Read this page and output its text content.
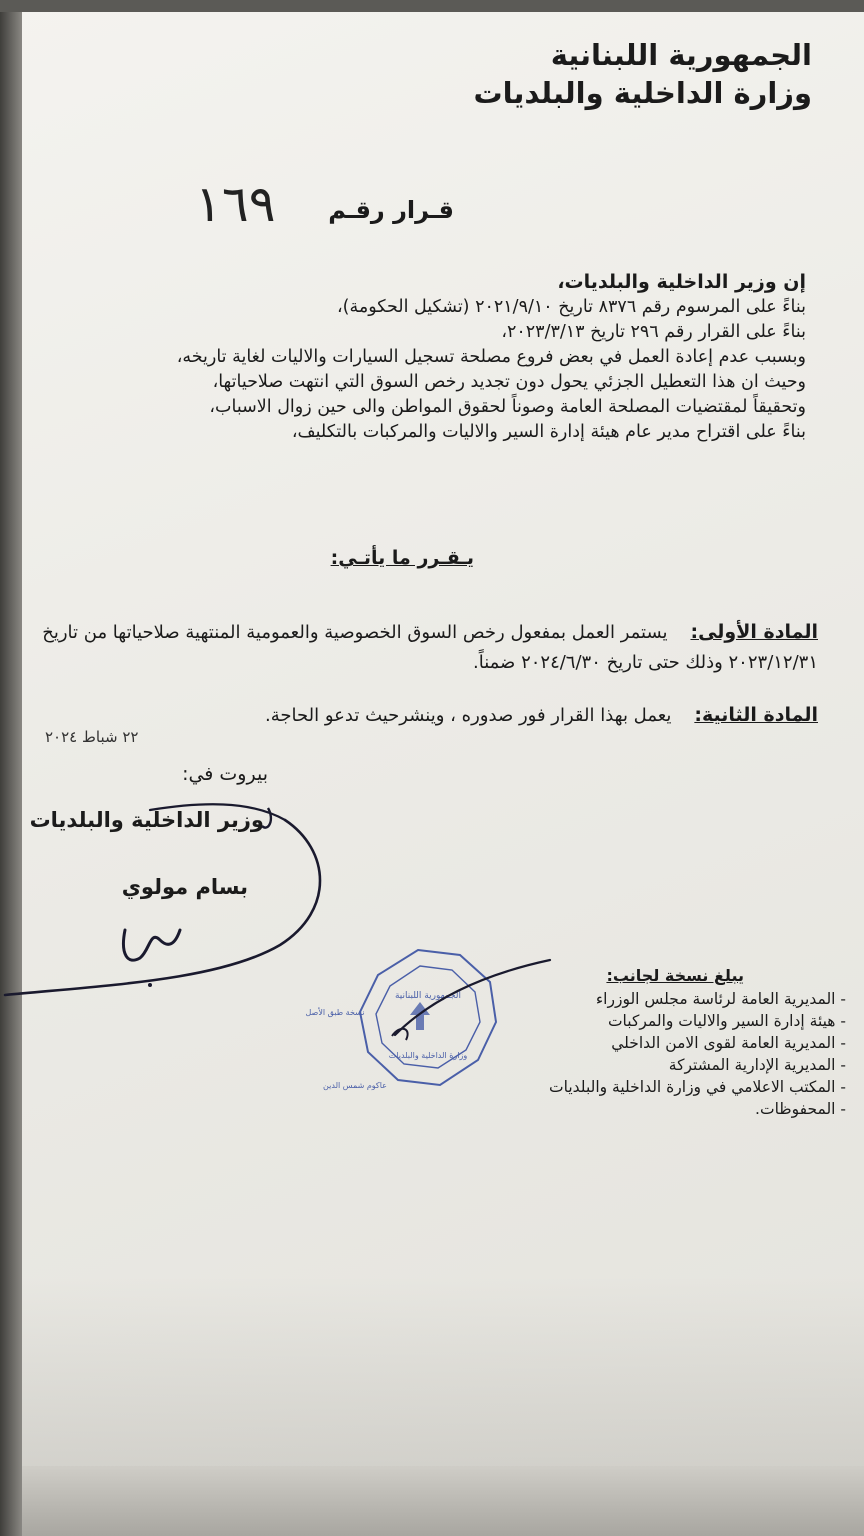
الجمهورية اللبنانية
وزارة الداخلية والبلديات
قـرار رقـم
١٦٩
إن وزير الداخلية والبلديات،
بناءً على المرسوم رقم ٨٣٧٦ تاريخ ٢٠٢١/٩/١٠ (تشكيل الحكومة)،
بناءً على القرار رقم ٢٩٦ تاريخ ٢٠٢٣/٣/١٣،
وبسبب عدم إعادة العمل في بعض فروع مصلحة تسجيل السيارات والاليات لغاية تاريخه،
وحيث ان هذا التعطيل الجزئي يحول دون تجديد رخص السوق التي انتهت صلاحياتها،
وتحقيقاً لمقتضيات المصلحة العامة وصوناً لحقوق المواطن والى حين زوال الاسباب،
بناءً على اقتراح مدير عام هيئة إدارة السير والاليات والمركبات بالتكليف،
يـقـرر ما يأتـي:
المادة الأولى:    يستمر العمل بمفعول رخص السوق الخصوصية والعمومية المنتهية صلاحياتها من تاريخ ٢٠٢٣/١٢/٣١ وذلك حتى تاريخ ٢٠٢٤/٦/٣٠ ضمناً.
المادة الثانية:    يعمل بهذا القرار فور صدوره ، وينشرحيث تدعو الحاجة.
٢٢ شباط ٢٠٢٤
بيروت في:
وزير الداخلية والبلديات
بسام مولوي
الجمهورية اللبنانية
وزارة الداخلية والبلديات
نسخة طبق الأصل
عاكوم شمس الدين
يبلغ نسخة لجانب:
- المديرية العامة لرئاسة مجلس الوزراء
- هيئة إدارة السير والاليات والمركبات
- المديرية العامة لقوى الامن الداخلي
- المديرية الإدارية المشتركة
- المكتب الاعلامي في وزارة الداخلية والبلديات
- المحفوظات.
